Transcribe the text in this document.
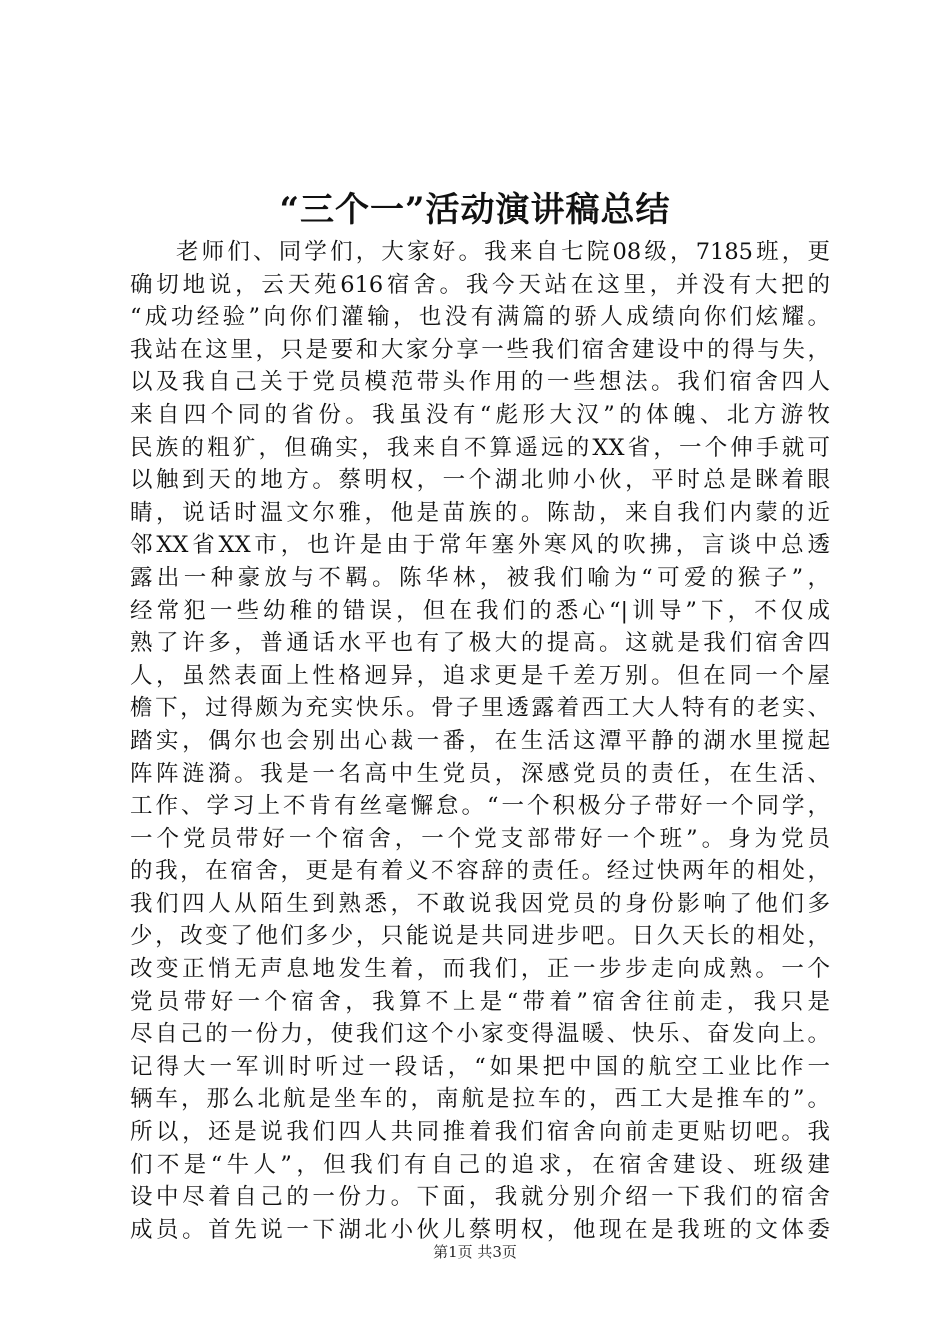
“三个一”活动演讲稿总结
老师们、同学们，大家好。我来自七院08级，7185班，更
确切地说，云天苑616宿舍。我今天站在这里，并没有大把的
“成功经验”向你们灌输，也没有满篇的骄人成绩向你们炫耀。
我站在这里，只是要和大家分享一些我们宿舍建设中的得与失，
以及我自己关于党员模范带头作用的一些想法。我们宿舍四人
来自四个同的省份。我虽没有“彪形大汉”的体魄、北方游牧
民族的粗犷，但确实，我来自不算遥远的XX省，一个伸手就可
以触到天的地方。蔡明权，一个湖北帅小伙，平时总是眯着眼
睛，说话时温文尔雅，他是苗族的。陈劼，来自我们内蒙的近
邻XX省XX市，也许是由于常年塞外寒风的吹拂，言谈中总透
露出一种豪放与不羁。陈华林，被我们喻为“可爱的猴子”，
经常犯一些幼稚的错误，但在我们的悉心“|训导”下，不仅成
熟了许多，普通话水平也有了极大的提高。这就是我们宿舍四
人，虽然表面上性格迥异，追求更是千差万别。但在同一个屋
檐下，过得颇为充实快乐。骨子里透露着西工大人特有的老实、
踏实，偶尔也会别出心裁一番，在生活这潭平静的湖水里搅起
阵阵涟漪。我是一名高中生党员，深感党员的责任，在生活、
工作、学习上不肯有丝毫懈怠。“一个积极分子带好一个同学，
一个党员带好一个宿舍，一个党支部带好一个班”。身为党员
的我，在宿舍，更是有着义不容辞的责任。经过快两年的相处，
我们四人从陌生到熟悉，不敢说我因党员的身份影响了他们多
少，改变了他们多少，只能说是共同进步吧。日久天长的相处，
改变正悄无声息地发生着，而我们，正一步步走向成熟。一个
党员带好一个宿舍，我算不上是“带着”宿舍往前走，我只是
尽自己的一份力，使我们这个小家变得温暖、快乐、奋发向上。
记得大一军训时听过一段话，“如果把中国的航空工业比作一
辆车，那么北航是坐车的，南航是拉车的，西工大是推车的”。
所以，还是说我们四人共同推着我们宿舍向前走更贴切吧。我
们不是“牛人”，但我们有自己的追求，在宿舍建设、班级建
设中尽着自己的一份力。下面，我就分别介绍一下我们的宿舍
成员。首先说一下湖北小伙儿蔡明权，他现在是我班的文体委
第1页 共3页
